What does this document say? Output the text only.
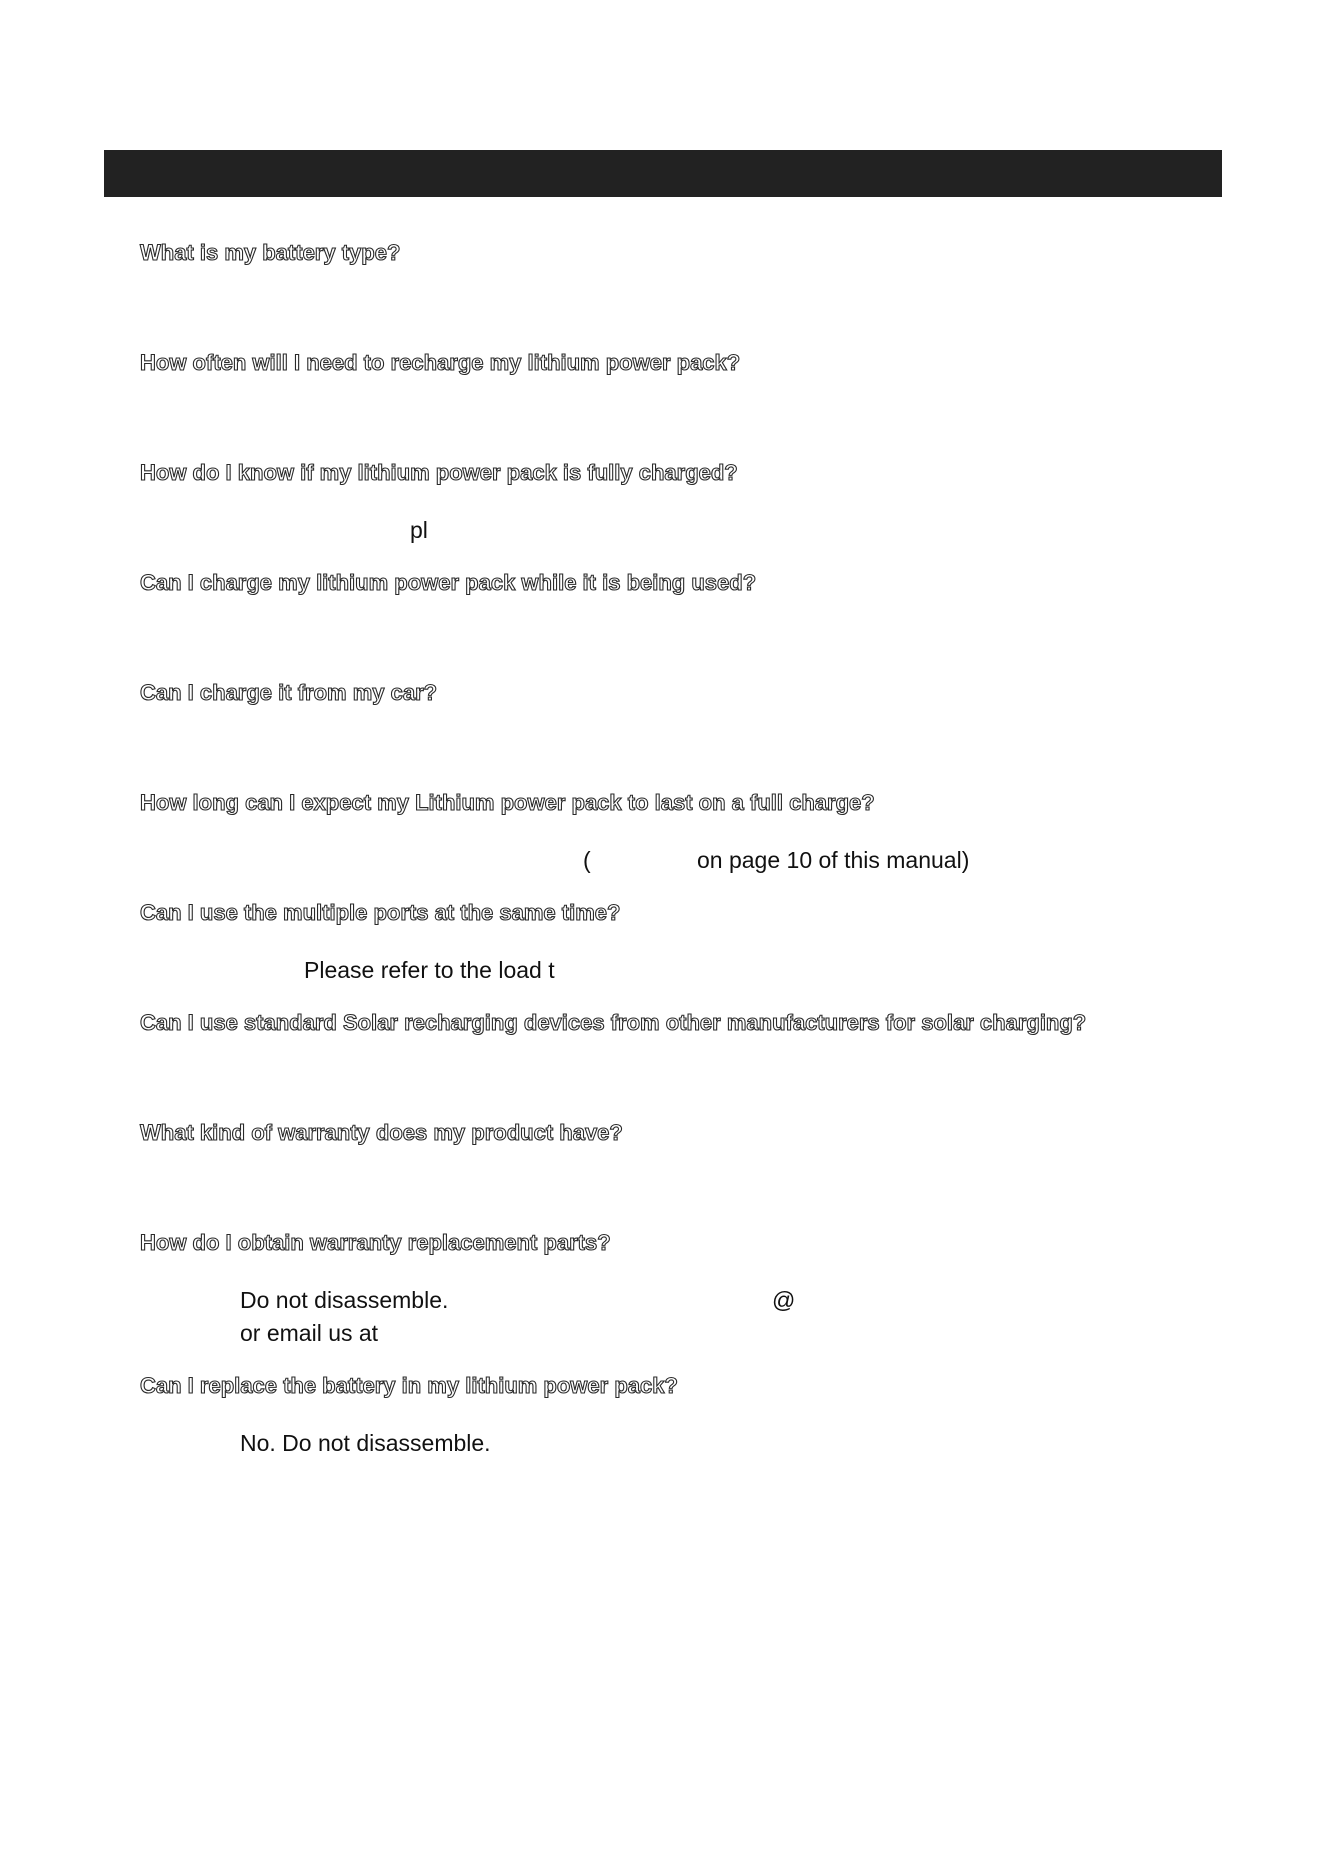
What is my battery type?
How often will I need to recharge my lithium power pack?
How do I know if my lithium power pack is fully charged?
pl
Can I charge my lithium power pack while it is being used?
Can I charge it from my car?
How long can I expect my Lithium power pack to last on a full charge?
(	on page 10 of this manual)
Can I use the multiple ports at the same time?
Please refer to the load t
Can I use standard Solar recharging devices from other manufacturers for solar charging?
What kind of warranty does my product have?
How do I obtain warranty replacement parts?
Do not disassemble.	@
or email us at
Can I replace the battery in my lithium power pack?
No. Do not disassemble.
